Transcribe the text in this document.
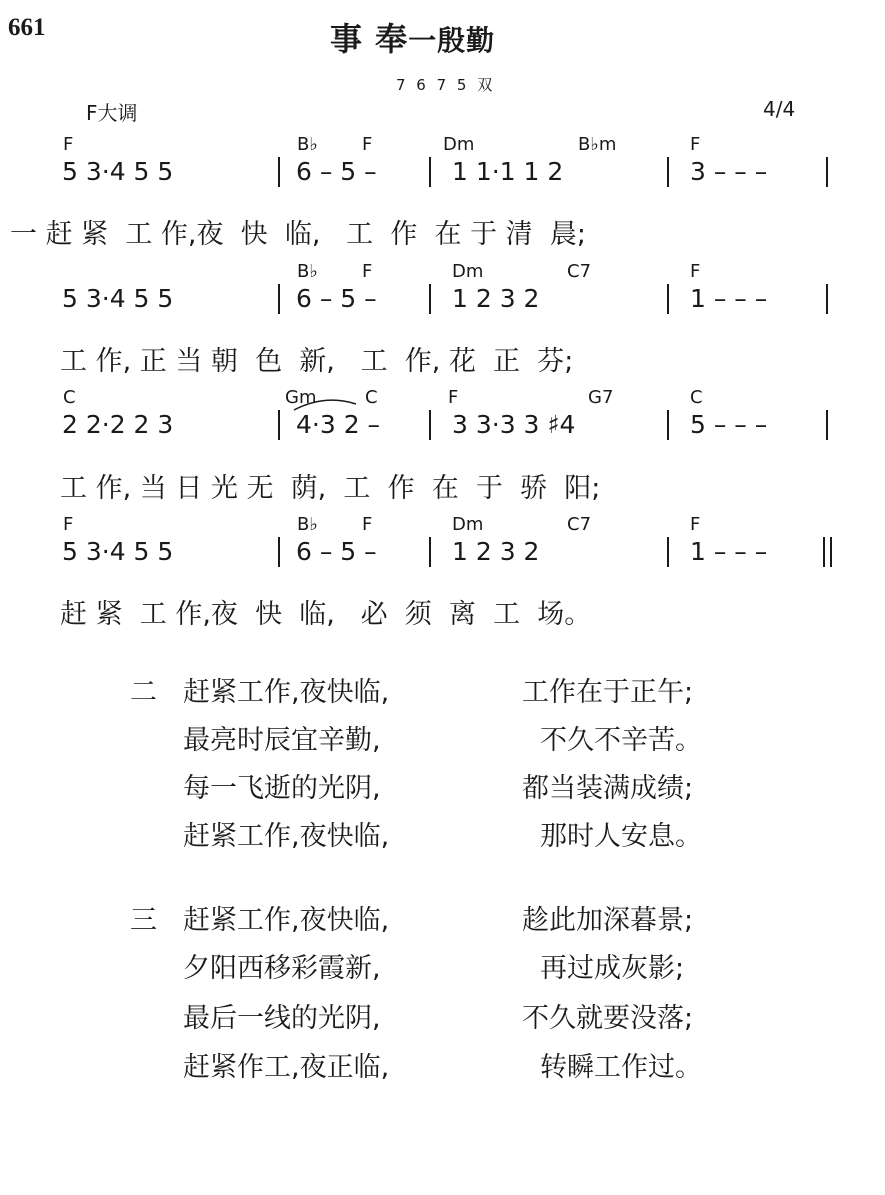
661	事 奉一殷勤
7 6 7 5 双
F大调	4/4
F	B♭ F	Dm	B♭m	F
5 3·4 5 5	6 – 5 –	1 1·1 1 2	3 – – –
一 赶 紧  工 作,夜  快  临,   工  作  在 于 清  晨;
B♭ F	Dm	C7	F
5 3·4 5 5	6 – 5 –	1 2 3 2	1 – – –
工 作, 正 当 朝  色  新,   工  作, 花  正  芬;
C	Gm	C	F	G7	C
2 2·2 2 3	4·3 2 –	3 3·3 3 ♯4	5 – – –
工 作, 当 日 光 无  荫,  工  作  在  于  骄  阳;
F	B♭ F	Dm	C7	F
5 3·4 5 5	6 – 5 –	1 2 3 2	1 – – –
赶 紧  工 作,夜  快  临,   必  须  离  工  场。
二 赶紧工作,夜快临,	工作在于正午;
最亮时辰宜辛勤,	不久不辛苦。
每一飞逝的光阴,	都当装满成绩;
赶紧工作,夜快临,	那时人安息。
三 赶紧工作,夜快临,	趁此加深暮景;
夕阳西移彩霞新,	再过成灰影;
最后一线的光阴,	不久就要没落;
赶紧作工,夜正临,	转瞬工作过。
